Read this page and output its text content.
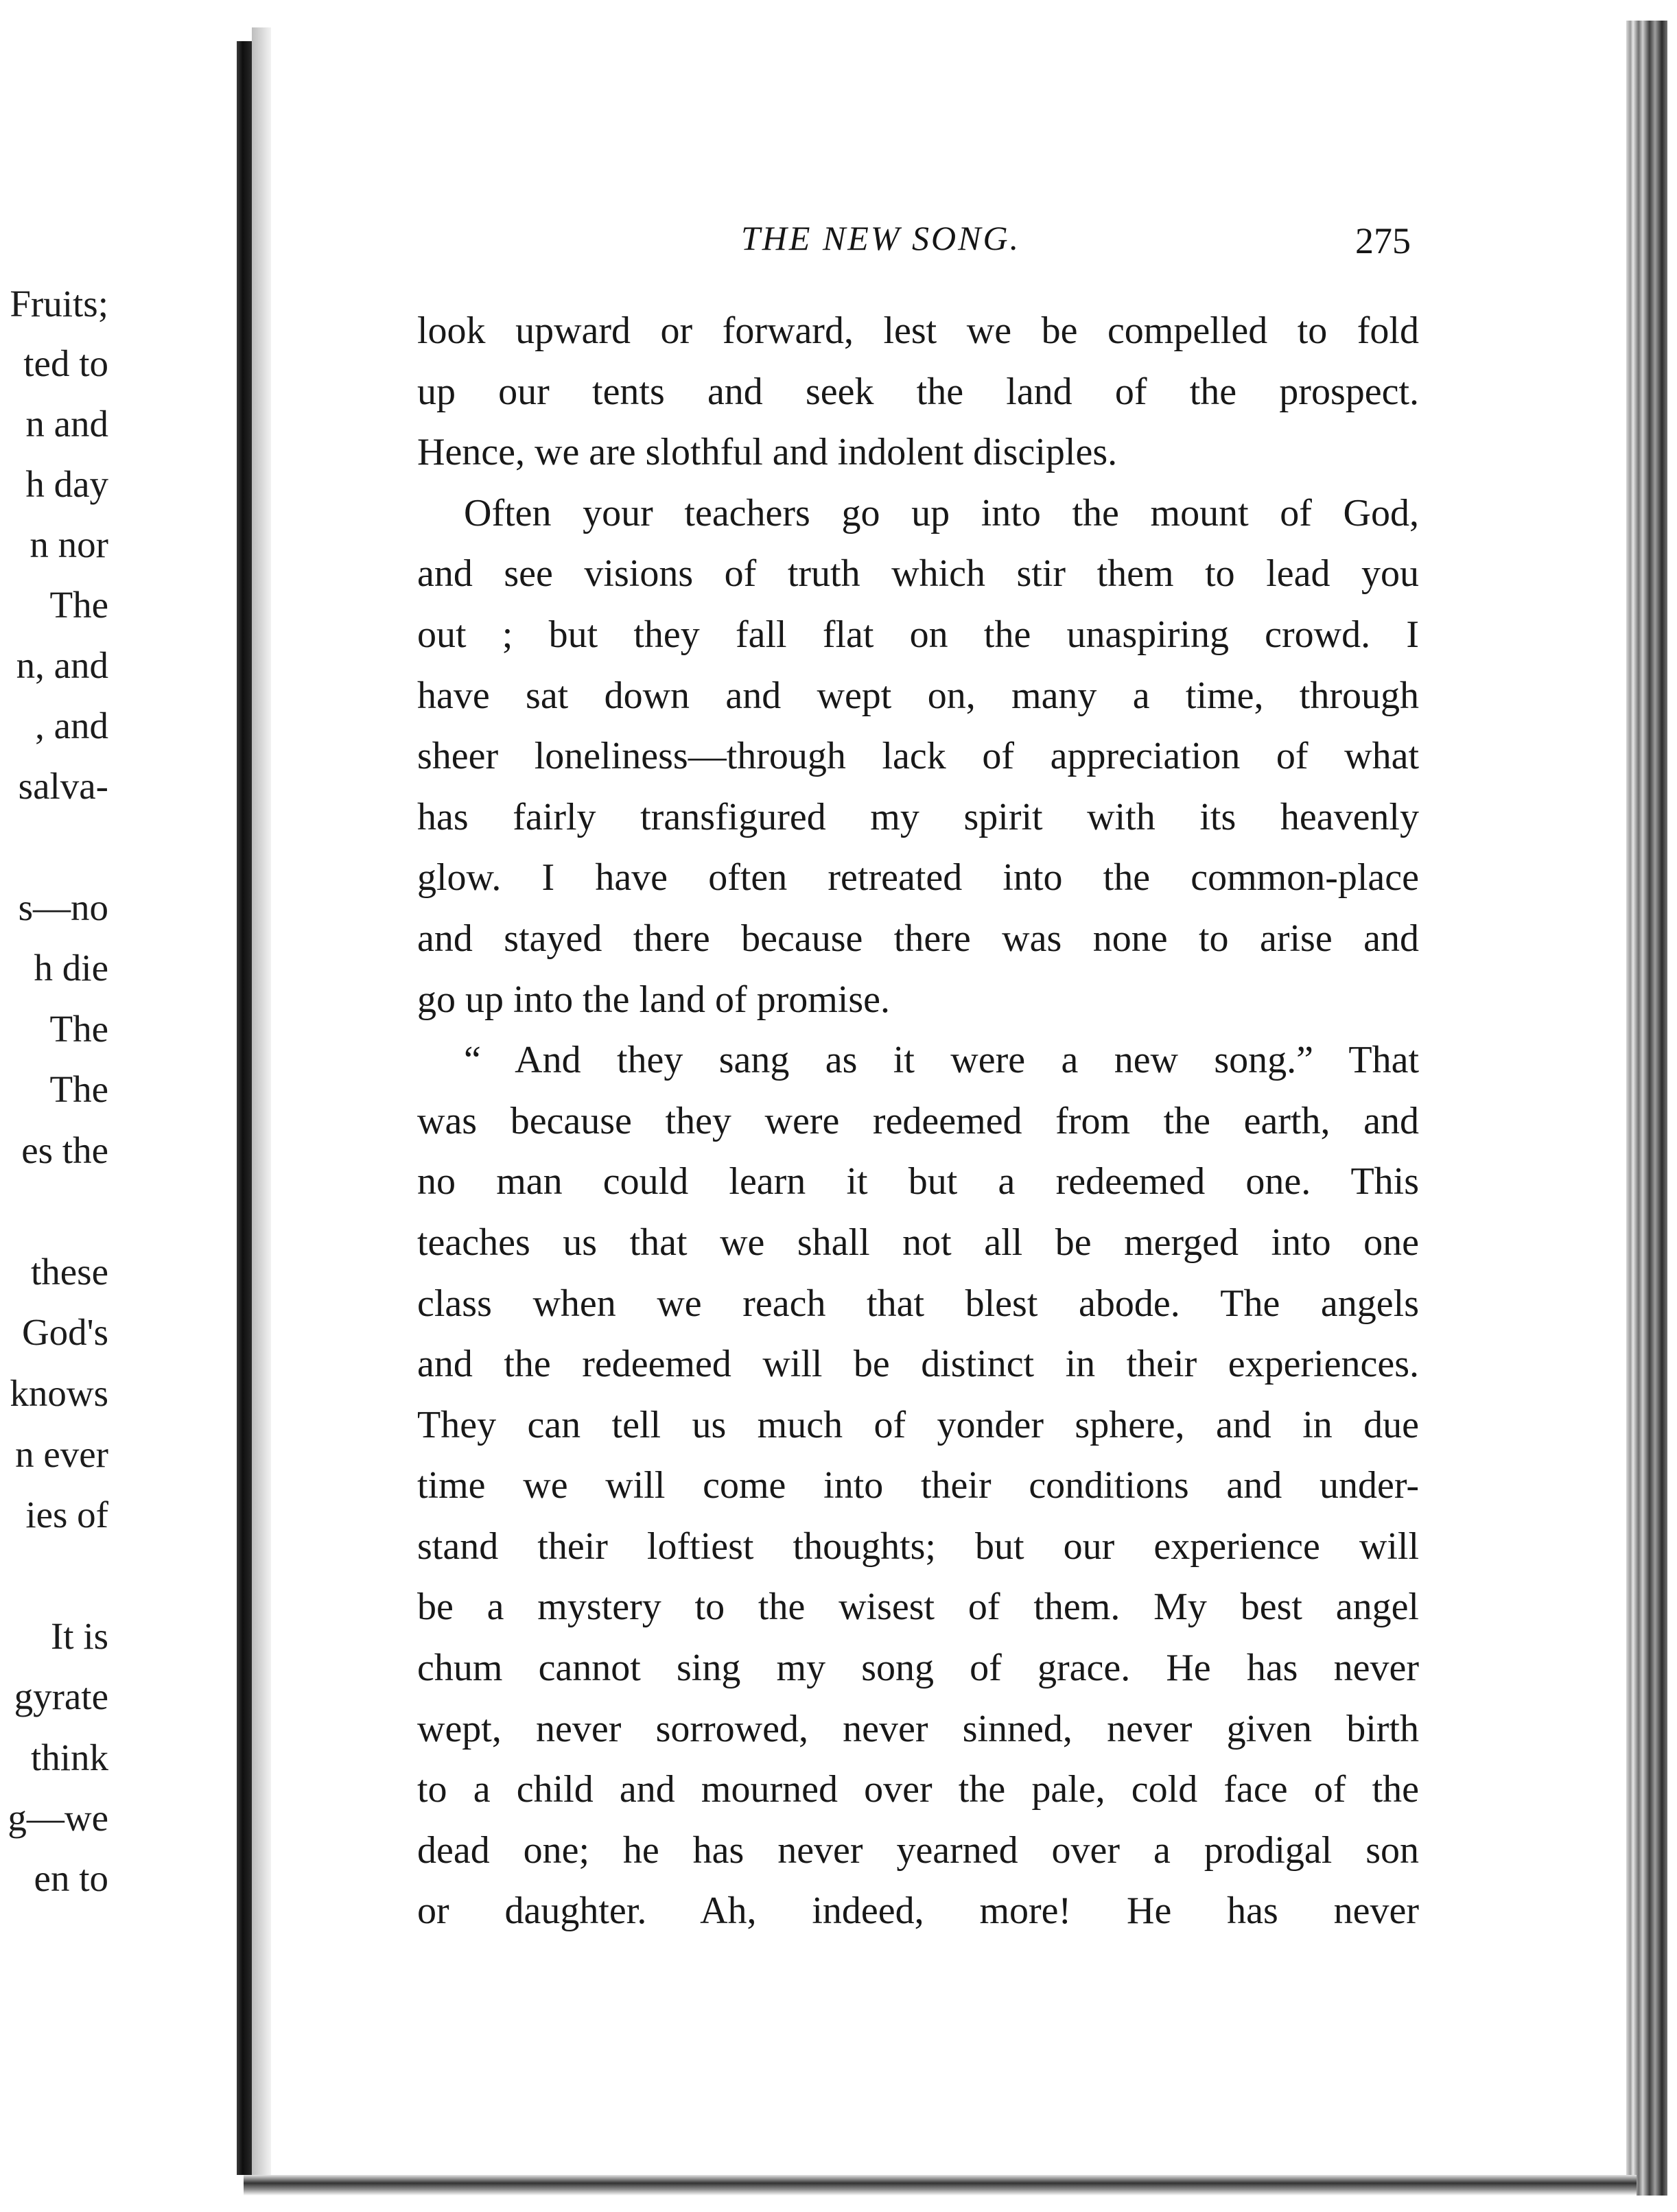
Fruits;
ted to
n and
h day
n nor
The
n, and
, and
salva-
s—no
h die
The
The
es the
these
God's
knows
n ever
ies of
It is
gyrate
think
g—we
en to
THE NEW SONG.	275
look upward or forward, lest we be compelled to fold
up our tents and seek the land of the prospect.
Hence, we are slothful and indolent disciples.
Often your teachers go up into the mount of God,
and see visions of truth which stir them to lead you
out ; but they fall flat on the unaspiring crowd. I
have sat down and wept on, many a time, through
sheer loneliness—through lack of appreciation of what
has fairly transfigured my spirit with its heavenly
glow. I have often retreated into the common-place
and stayed there because there was none to arise and
go up into the land of promise.
“ And they sang as it were a new song.” That
was because they were redeemed from the earth, and
no man could learn it but a redeemed one. This
teaches us that we shall not all be merged into one
class when we reach that blest abode. The angels
and the redeemed will be distinct in their experiences.
They can tell us much of yonder sphere, and in due
time we will come into their conditions and under-
stand their loftiest thoughts; but our experience will
be a mystery to the wisest of them. My best angel
chum cannot sing my song of grace. He has never
wept, never sorrowed, never sinned, never given birth
to a child and mourned over the pale, cold face of the
dead one; he has never yearned over a prodigal son
or daughter. Ah, indeed, more! He has never
